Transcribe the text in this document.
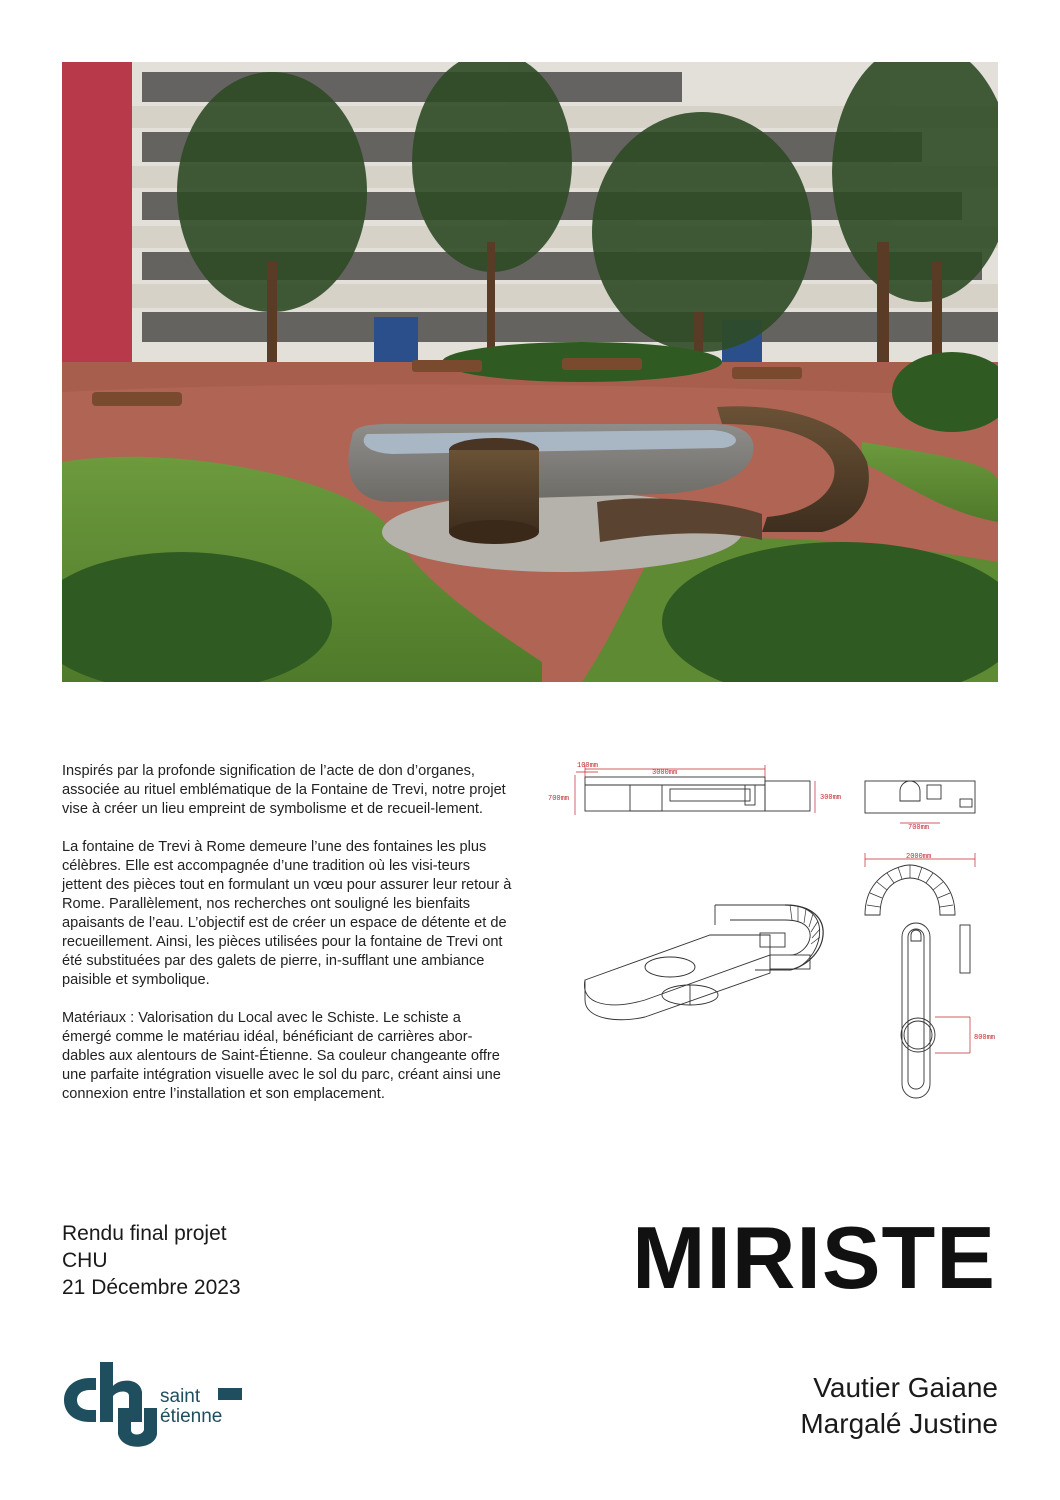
Inspirés par la profonde signification de l’acte de don d’organes, associée au rituel emblématique de la Fontaine de Trevi, notre projet vise à créer un lieu empreint de symbolisme et de recueil-lement.

La fontaine de Trevi à Rome demeure l’une des fontaines les plus célèbres. Elle est accompagnée d’une tradition où les visi-teurs jettent des pièces tout en formulant un vœu pour assurer leur retour à Rome. Parallèlement, nos recherches ont souligné les bienfaits apaisants de l’eau. L’objectif est de créer un espace de détente et de recueillement. Ainsi, les pièces utilisées pour la fontaine de Trevi ont été substituées par des galets de pierre, in-sufflant une ambiance paisible et symbolique.

Matériaux : Valorisation du Local avec le Schiste. Le schiste a émergé comme le matériau idéal, bénéficiant de carrières abor-dables aux alentours de Saint-Étienne. Sa couleur changeante offre une parfaite intégration visuelle avec le sol du parc, créant ainsi une connexion entre l’installation et son emplacement.

100mm
3000mm
700mm	300mm
700mm
2000mm
800mm
Rendu final projet
CHU
21 Décembre 2023	MIRISTE
Vautier Gaiane
Margalé Justine
saint
étienne
